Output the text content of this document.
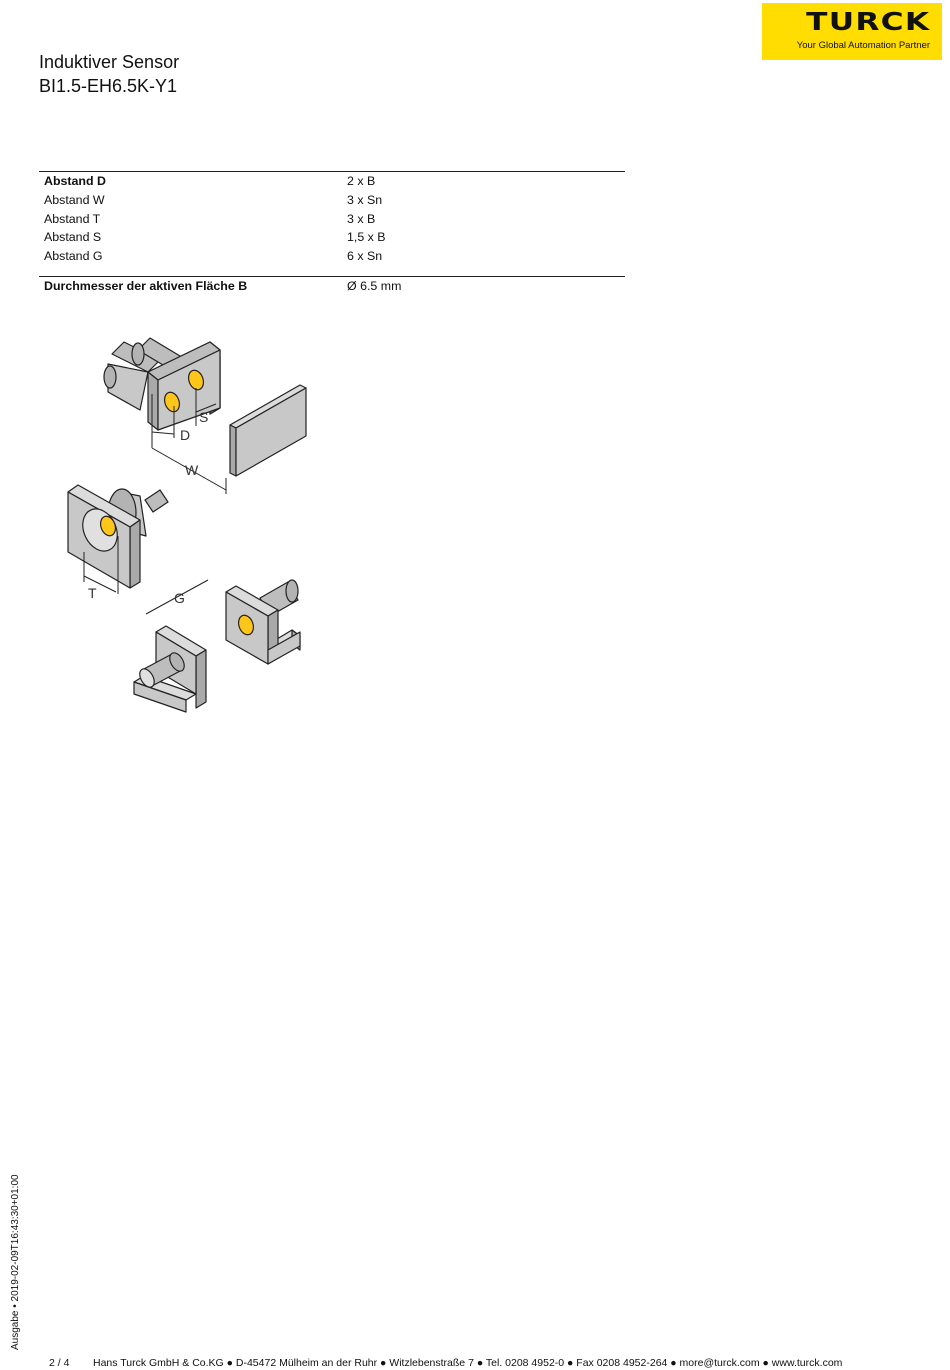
TURCK
Your Global Automation Partner
Induktiver Sensor
BI1.5-EH6.5K-Y1
Abstand D	2 x B
Abstand W	3 x Sn
Abstand T	3 x B
Abstand S	1,5 x B
Abstand G	6 x Sn
Durchmesser der aktiven Fläche B	Ø 6.5 mm
S
D
W
T	G
Ausgabe • 2019-02-09T16:43:30+01:00
2 / 4 Hans Turck GmbH & Co.KG ● D-45472 Mülheim an der Ruhr ● Witzlebenstraße 7 ● Tel. 0208 4952-0 ● Fax 0208 4952-264 ● more@turck.com ● www.turck.com
